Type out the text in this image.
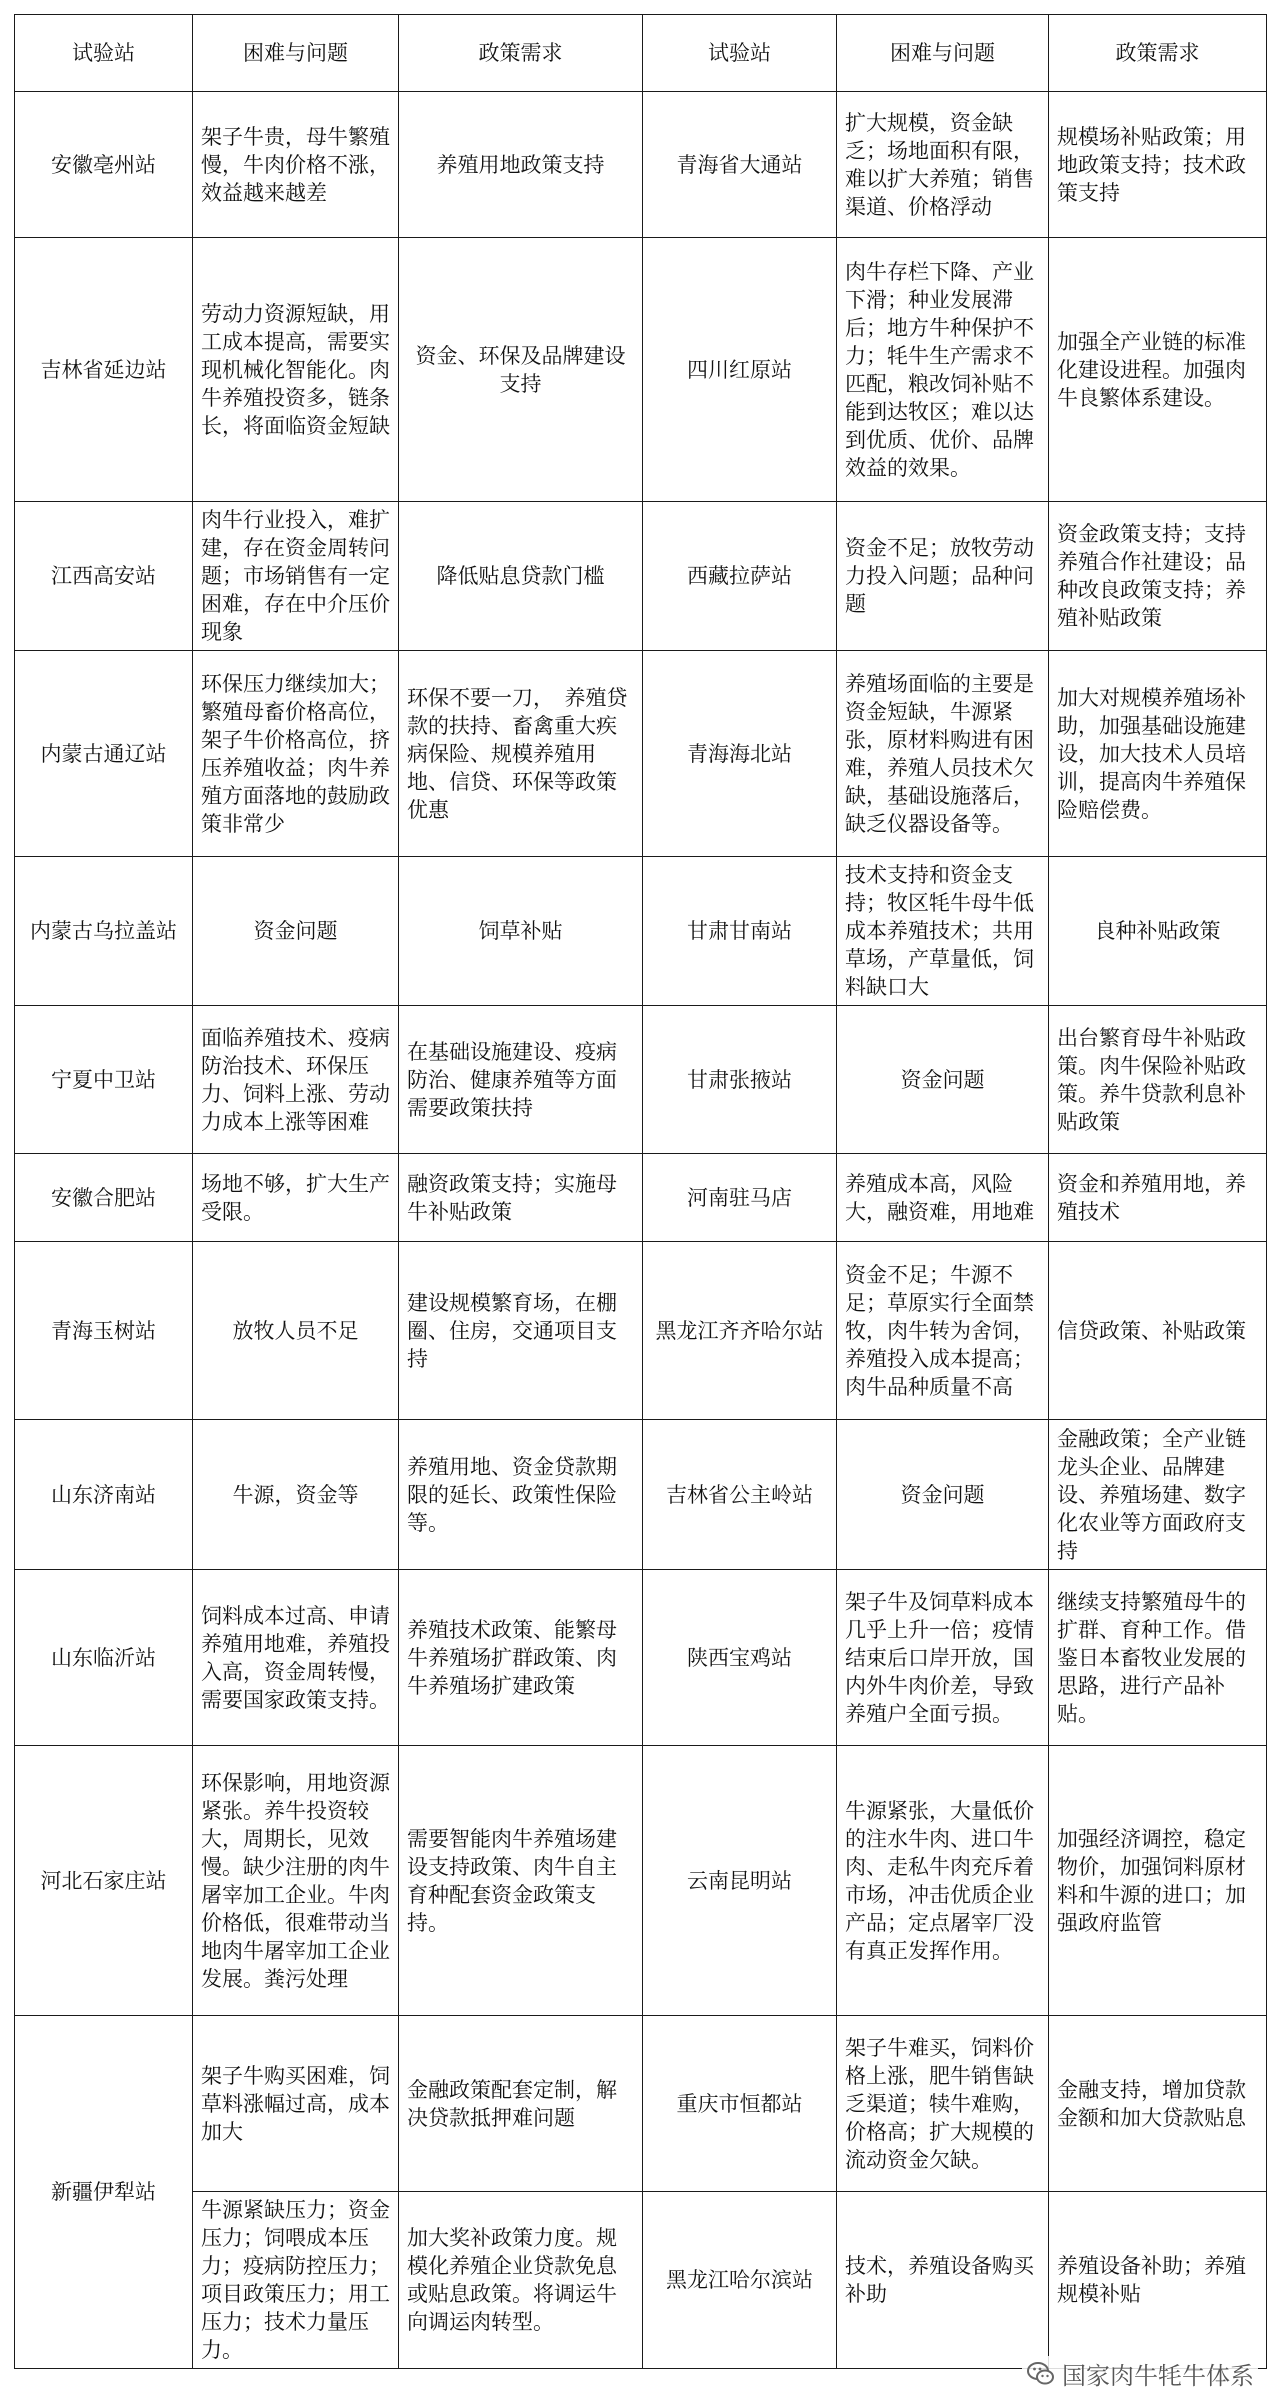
试验站	困难与问题	政策需求	试验站	困难与问题	政策需求
安徽亳州站	架子牛贵，母牛繁殖慢，牛肉价格不涨，效益越来越差	养殖用地政策支持	青海省大通站	扩大规模，资金缺乏；场地面积有限，难以扩大养殖；销售渠道、价格浮动	规模场补贴政策；用地政策支持；技术政策支持
吉林省延边站	劳动力资源短缺，用工成本提高，需要实现机械化智能化。肉牛养殖投资多，链条长，将面临资金短缺	资金、环保及品牌建设支持	四川红原站	肉牛存栏下降、产业下滑；种业发展滞后；地方牛种保护不力；牦牛生产需求不匹配，粮改饲补贴不能到达牧区；难以达到优质、优价、品牌效益的效果。	加强全产业链的标准化建设进程。加强肉牛良繁体系建设。
江西高安站	肉牛行业投入，难扩建，存在资金周转问题；市场销售有一定困难，存在中介压价现象	降低贴息贷款门槛	西藏拉萨站	资金不足；放牧劳动力投入问题；品种问题	资金政策支持；支持养殖合作社建设；品种改良政策支持；养殖补贴政策
内蒙古通辽站	环保压力继续加大；繁殖母畜价格高位，架子牛价格高位，挤压养殖收益；肉牛养殖方面落地的鼓励政策非常少	环保不要一刀，　养殖贷款的扶持、畜禽重大疾病保险、规模养殖用地、信贷、环保等政策优惠	青海海北站	养殖场面临的主要是资金短缺，牛源紧张，原材料购进有困难，养殖人员技术欠缺，基础设施落后，缺乏仪器设备等。	加大对规模养殖场补助，加强基础设施建设，加大技术人员培训，提高肉牛养殖保险赔偿费。
内蒙古乌拉盖站	资金问题	饲草补贴	甘肃甘南站	技术支持和资金支持；牧区牦牛母牛低成本养殖技术；共用草场，产草量低，饲料缺口大	良种补贴政策
宁夏中卫站	面临养殖技术、疫病防治技术、环保压力、饲料上涨、劳动力成本上涨等困难	在基础设施建设、疫病防治、健康养殖等方面需要政策扶持	甘肃张掖站	资金问题	出台繁育母牛补贴政策。肉牛保险补贴政策。养牛贷款利息补贴政策
安徽合肥站	场地不够，扩大生产受限。	融资政策支持；实施母牛补贴政策	河南驻马店	养殖成本高，风险大，融资难，用地难	资金和养殖用地，养殖技术
青海玉树站	放牧人员不足	建设规模繁育场，在棚圈、住房，交通项目支持	黑龙江齐齐哈尔站	资金不足；牛源不足；草原实行全面禁牧，肉牛转为舍饲，养殖投入成本提高；肉牛品种质量不高	信贷政策、补贴政策
山东济南站	牛源，资金等	养殖用地、资金贷款期限的延长、政策性保险等。	吉林省公主岭站	资金问题	金融政策；全产业链龙头企业、品牌建设、养殖场建、数字化农业等方面政府支持
山东临沂站	饲料成本过高、申请养殖用地难，养殖投入高，资金周转慢，需要国家政策支持。	养殖技术政策、能繁母牛养殖场扩群政策、肉牛养殖场扩建政策	陕西宝鸡站	架子牛及饲草料成本几乎上升一倍；疫情结束后口岸开放，国内外牛肉价差，导致养殖户全面亏损。	继续支持繁殖母牛的扩群、育种工作。借鉴日本畜牧业发展的思路，进行产品补贴。
河北石家庄站	环保影响，用地资源紧张。养牛投资较大，周期长，见效慢。缺少注册的肉牛屠宰加工企业。牛肉价格低，很难带动当地肉牛屠宰加工企业发展。粪污处理	需要智能肉牛养殖场建设支持政策、肉牛自主育种配套资金政策支持。	云南昆明站	牛源紧张，大量低价的注水牛肉、进口牛肉、走私牛肉充斥着市场，冲击优质企业产品；定点屠宰厂没有真正发挥作用。	加强经济调控，稳定物价，加强饲料原材料和牛源的进口；加强政府监管
新疆伊犁站	架子牛购买困难，饲草料涨幅过高，成本加大	金融政策配套定制，解决贷款抵押难问题	重庆市恒都站	架子牛难买，饲料价格上涨，肥牛销售缺乏渠道；犊牛难购，价格高；扩大规模的流动资金欠缺。	金融支持，增加贷款金额和加大贷款贴息
	牛源紧缺压力；资金压力；饲喂成本压力；疫病防控压力；项目政策压力；用工压力；技术力量压力。	加大奖补政策力度。规模化养殖企业贷款免息或贴息政策。将调运牛向调运肉转型。	黑龙江哈尔滨站	技术，养殖设备购买补助	养殖设备补助；养殖规模补贴
国家肉牛牦牛体系
